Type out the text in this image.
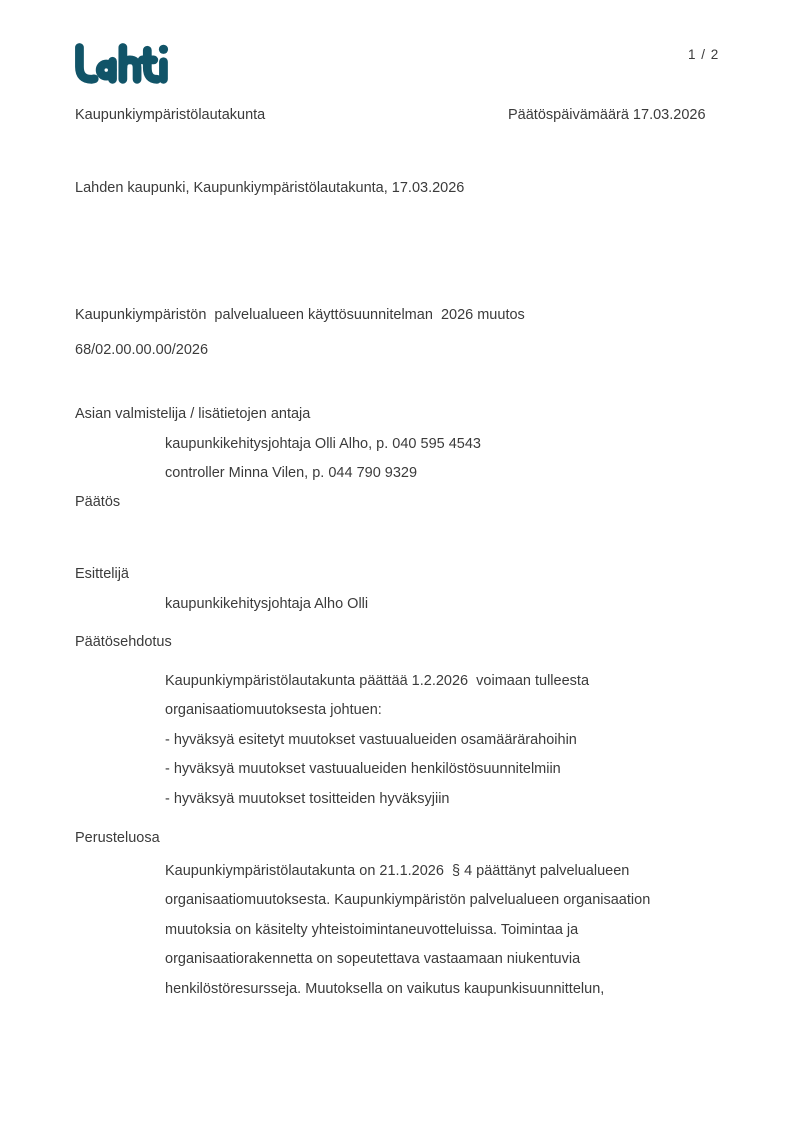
1 / 2
Kaupunkiympäristölautakunta	Päätöspäivämäärä 17.03.2026
Lahden kaupunki, Kaupunkiympäristölautakunta, 17.03.2026
Kaupunkiympäristön  palvelualueen käyttösuunnitelman  2026 muutos
68/02.00.00.00/2026
Asian valmistelija / lisätietojen antaja
kaupunkikehitysjohtaja Olli Alho, p. 040 595 4543
controller Minna Vilen, p. 044 790 9329
Päätös
Esittelijä
kaupunkikehitysjohtaja Alho Olli
Päätösehdotus
Kaupunkiympäristölautakunta päättää 1.2.2026  voimaan tulleesta
organisaatiomuutoksesta johtuen:
- hyväksyä esitetyt muutokset vastuualueiden osamäärärahoihin
- hyväksyä muutokset vastuualueiden henkilöstösuunnitelmiin
- hyväksyä muutokset tositteiden hyväksyjiin
Perusteluosa
Kaupunkiympäristölautakunta on 21.1.2026  § 4 päättänyt palvelualueen
organisaatiomuutoksesta. Kaupunkiympäristön palvelualueen organisaation
muutoksia on käsitelty yhteistoimintaneuvotteluissa. Toimintaa ja
organisaatiorakennetta on sopeutettava vastaamaan niukentuvia
henkilöstöresursseja. Muutoksella on vaikutus kaupunkisuunnittelun,
